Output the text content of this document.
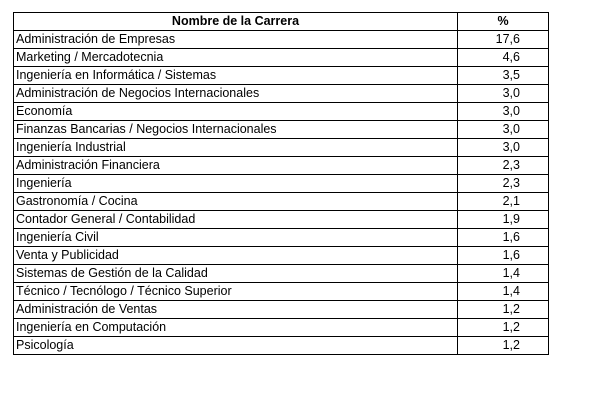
Nombre de la Carrera	%
Administración de Empresas	17,6
Marketing / Mercadotecnia	4,6
Ingeniería en Informática / Sistemas	3,5
Administración de Negocios Internacionales	3,0
Economía	3,0
Finanzas Bancarias / Negocios Internacionales	3,0
Ingeniería Industrial	3,0
Administración Financiera	2,3
Ingeniería	2,3
Gastronomía / Cocina	2,1
Contador General / Contabilidad	1,9
Ingeniería Civil	1,6
Venta y Publicidad	1,6
Sistemas de Gestión de la Calidad	1,4
Técnico / Tecnólogo / Técnico Superior	1,4
Administración de Ventas	1,2
Ingeniería en Computación	1,2
Psicología	1,2
